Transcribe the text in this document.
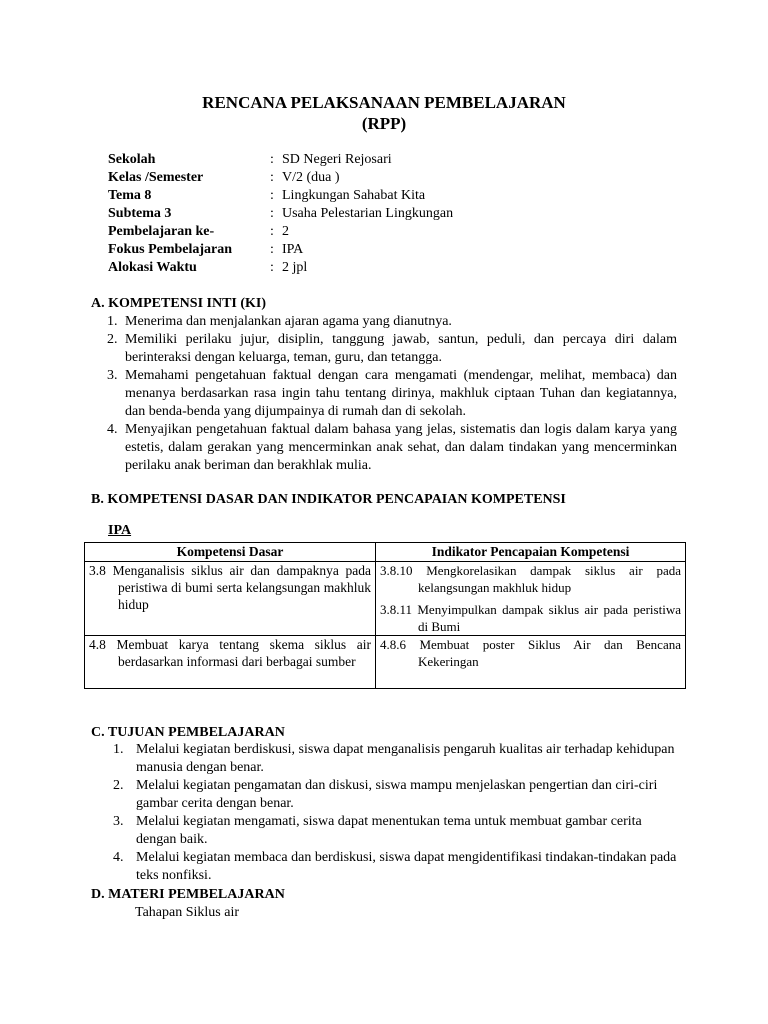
RENCANA PELAKSANAAN PEMBELAJARAN
(RPP)
Sekolah	: SD Negeri Rejosari
Kelas /Semester	: V/2 (dua )
Tema 8	: Lingkungan Sahabat Kita
Subtema 3	: Usaha Pelestarian Lingkungan
Pembelajaran ke-	: 2
Fokus Pembelajaran	: IPA
Alokasi Waktu	: 2 jpl
A. KOMPETENSI INTI (KI)
1. Menerima dan menjalankan ajaran agama yang dianutnya.
2. Memiliki perilaku jujur, disiplin, tanggung jawab, santun, peduli, dan percaya diri dalam berinteraksi dengan keluarga, teman, guru, dan tetangga.
3. Memahami pengetahuan faktual dengan cara mengamati (mendengar, melihat, membaca) dan menanya berdasarkan rasa ingin tahu tentang dirinya, makhluk ciptaan Tuhan dan kegiatannya, dan benda-benda yang dijumpainya di rumah dan di sekolah.
4. Menyajikan pengetahuan faktual dalam bahasa yang jelas, sistematis dan logis dalam karya yang estetis, dalam gerakan yang mencerminkan anak sehat, dan dalam tindakan yang mencerminkan perilaku anak beriman dan berakhlak mulia.
B. KOMPETENSI DASAR DAN INDIKATOR PENCAPAIAN KOMPETENSI
IPA
Kompetensi Dasar	Indikator Pencapaian Kompetensi

3.8 Menganalisis siklus air dan dampaknya pada peristiwa di bumi serta kelangsungan makhluk hidup	3.8.10 Mengkorelasikan dampak siklus air pada kelangsungan makhluk hidup
3.8.11 Menyimpulkan dampak siklus air pada peristiwa di Bumi

4.8 Membuat karya tentang skema siklus air berdasarkan informasi dari berbagai sumber	4.8.6 Membuat poster Siklus Air dan Bencana Kekeringan
C. TUJUAN PEMBELAJARAN
1. Melalui kegiatan berdiskusi, siswa dapat menganalisis pengaruh kualitas air terhadap kehidupan manusia dengan benar.
2. Melalui kegiatan pengamatan dan diskusi, siswa mampu menjelaskan pengertian dan ciri-ciri gambar cerita dengan benar.
3. Melalui kegiatan mengamati, siswa dapat menentukan tema untuk membuat gambar cerita dengan baik.
4. Melalui kegiatan membaca dan berdiskusi, siswa dapat mengidentifikasi tindakan-tindakan pada teks nonfiksi.
D. MATERI PEMBELAJARAN
Tahapan Siklus air
